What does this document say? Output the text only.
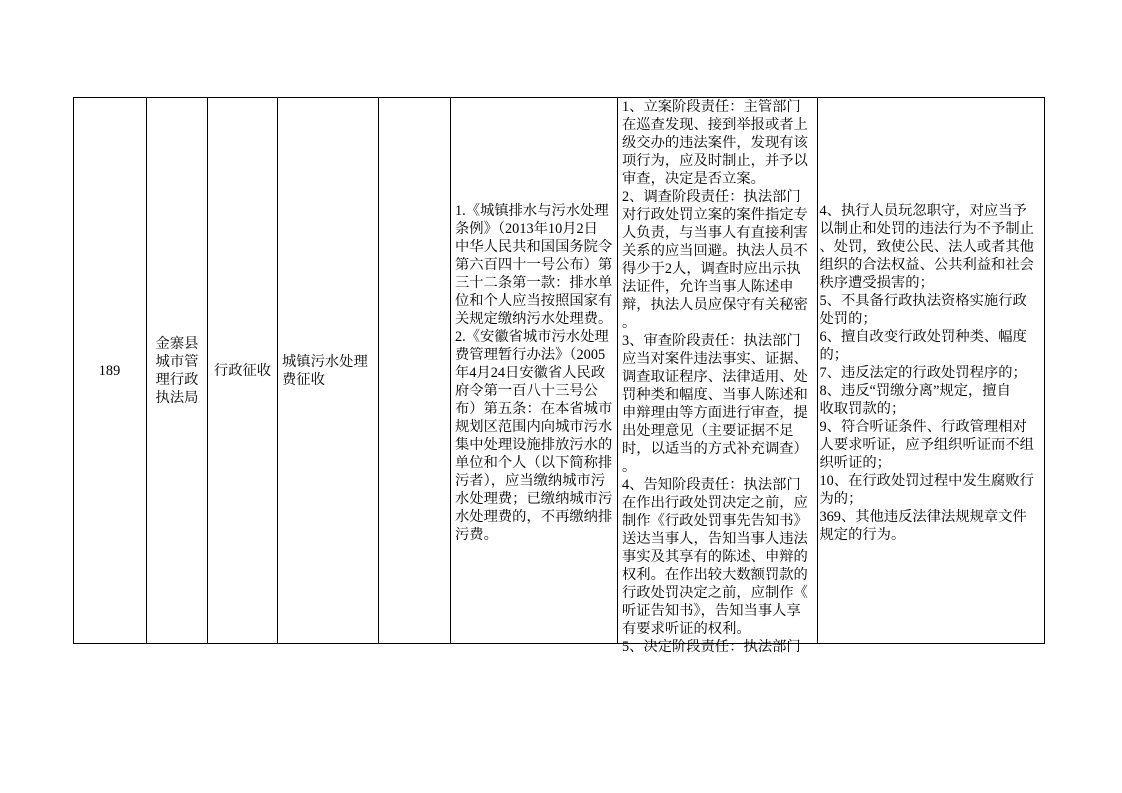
189
金寨县
城市管
理行政
执法局
行政征收
城镇污水处理
费征收
1.《城镇排水与污水处理
条例》（2013年10月2日
中华人民共和国国务院令
第六百四十一号公布）第
三十二条第一款：排水单
位和个人应当按照国家有
关规定缴纳污水处理费。
2.《安徽省城市污水处理
费管理暂行办法》（2005
年4月24日安徽省人民政
府令第一百八十三号公
布）第五条：在本省城市
规划区范围内向城市污水
集中处理设施排放污水的
单位和个人（以下简称排
污者），应当缴纳城市污
水处理费；已缴纳城市污
水处理费的，不再缴纳排
污费。
1、立案阶段责任：主管部门
在巡查发现、接到举报或者上
级交办的违法案件，发现有该
项行为，应及时制止，并予以
审查，决定是否立案。
2、调查阶段责任：执法部门
对行政处罚立案的案件指定专
人负责，与当事人有直接利害
关系的应当回避。执法人员不
得少于2人，调查时应出示执
法证件，允许当事人陈述申
辩，执法人员应保守有关秘密
。
3、审查阶段责任：执法部门
应当对案件违法事实、证据、
调查取证程序、法律适用、处
罚种类和幅度、当事人陈述和
申辩理由等方面进行审查，提
出处理意见（主要证据不足
时，以适当的方式补充调查）
。
4、告知阶段责任：执法部门
在作出行政处罚决定之前，应
制作《行政处罚事先告知书》
送达当事人，告知当事人违法
事实及其享有的陈述、申辩的
权利。在作出较大数额罚款的
行政处罚决定之前，应制作《
听证告知书》，告知当事人享
有要求听证的权利。
5、决定阶段责任：执法部门
4、执行人员玩忽职守，对应当予
以制止和处罚的违法行为不予制止
、处罚，致使公民、法人或者其他
组织的合法权益、公共利益和社会
秩序遭受损害的；
5、不具备行政执法资格实施行政
处罚的；
6、擅自改变行政处罚种类、幅度
的；
7、违反法定的行政处罚程序的；
8、违反“罚缴分离”规定，擅自
收取罚款的；
9、符合听证条件、行政管理相对
人要求听证，应予组织听证而不组
织听证的；
10、在行政处罚过程中发生腐败行
为的；
369、其他违反法律法规规章文件
规定的行为。
